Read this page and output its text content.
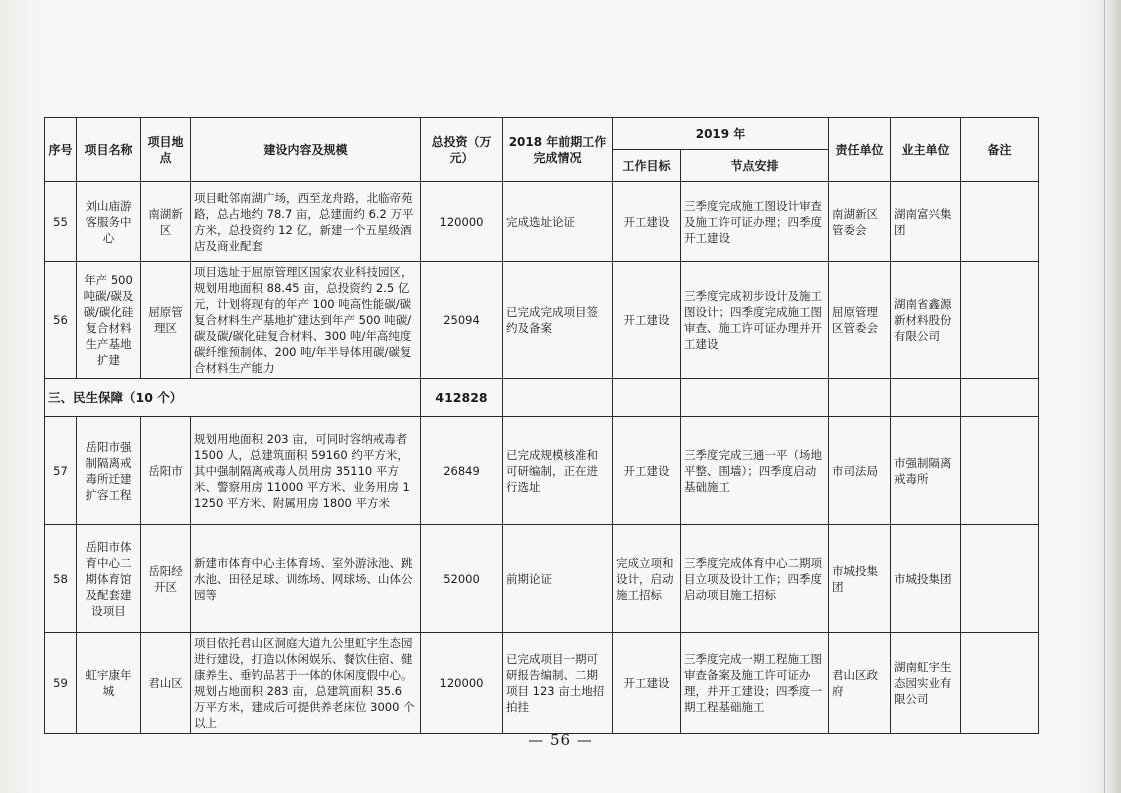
序号	项目名称	项目地点	建设内容及规模	总投资（万元）	2018 年前期工作完成情况	2019 年		责任单位	业主单位	备注
						工作目标	节点安排			
55	刘山庙游客服务中心	南湖新区	项目毗邻南湖广场，西至龙舟路，北临帝苑路，总占地约 78.7 亩，总建面约 6.2 万平方米，总投资约 12 亿，新建一个五星级酒店及商业配套	120000	完成选址论证	开工建设	三季度完成施工图设计审查及施工许可证办理；四季度开工建设	南湖新区管委会	湖南富兴集团	
56	年产 500 吨碳/碳及碳/碳化硅复合材料生产基地扩建	屈原管理区	项目选址于屈原管理区国家农业科技园区，规划用地面积 88.45 亩，总投资约 2.5 亿元，计划将现有的年产 100 吨高性能碳/碳复合材料生产基地扩建达到年产 500 吨碳/碳及碳/碳化硅复合材料、300 吨/年高纯度碳纤维预制体、200 吨/年半导体用碳/碳复合材料生产能力	25094	已完成完成项目签约及备案	开工建设	三季度完成初步设计及施工图设计；四季度完成施工图审查、施工许可证办理并开工建设	屈原管理区管委会	湖南省鑫源新材料股份有限公司	
三、民生保障（10 个）				412828						
57	岳阳市强制隔离戒毒所迁建扩容工程	岳阳市	规划用地面积 203 亩，可同时容纳戒毒者 1500 人，总建筑面积 59160 约平方米，其中强制隔离戒毒人员用房 35110 平方米、警察用房 11000 平方米、业务用房 11250 平方米、附属用房 1800 平方米	26849	已完成规模核准和可研编制，正在进行选址	开工建设	三季度完成三通一平（场地平整、围墙）；四季度启动基础施工	市司法局	市强制隔离戒毒所	
58	岳阳市体育中心二期体育馆及配套建设项目	岳阳经开区	新建市体育中心主体育场、室外游泳池、跳水池、田径足球、训练场、网球场、山体公园等	52000	前期论证	完成立项和设计，启动施工招标	三季度完成体育中心二期项目立项及设计工作；四季度启动项目施工招标	市城投集团	市城投集团	
59	虹宇康年城	君山区	项目依托君山区洞庭大道九公里虹宇生态园进行建设，打造以休闲娱乐、餐饮住宿、健康养生、垂钓品茗于一体的休闲度假中心。规划占地面积 283 亩，总建筑面积 35.6 万平方米，建成后可提供养老床位 3000 个以上	120000	已完成项目一期可研报告编制、二期项目 123 亩土地招拍挂	开工建设	三季度完成一期工程施工图审查备案及施工许可证办理，并开工建设；四季度一期工程基础施工	君山区政府	湖南虹宇生态园实业有限公司	
— 56 —
